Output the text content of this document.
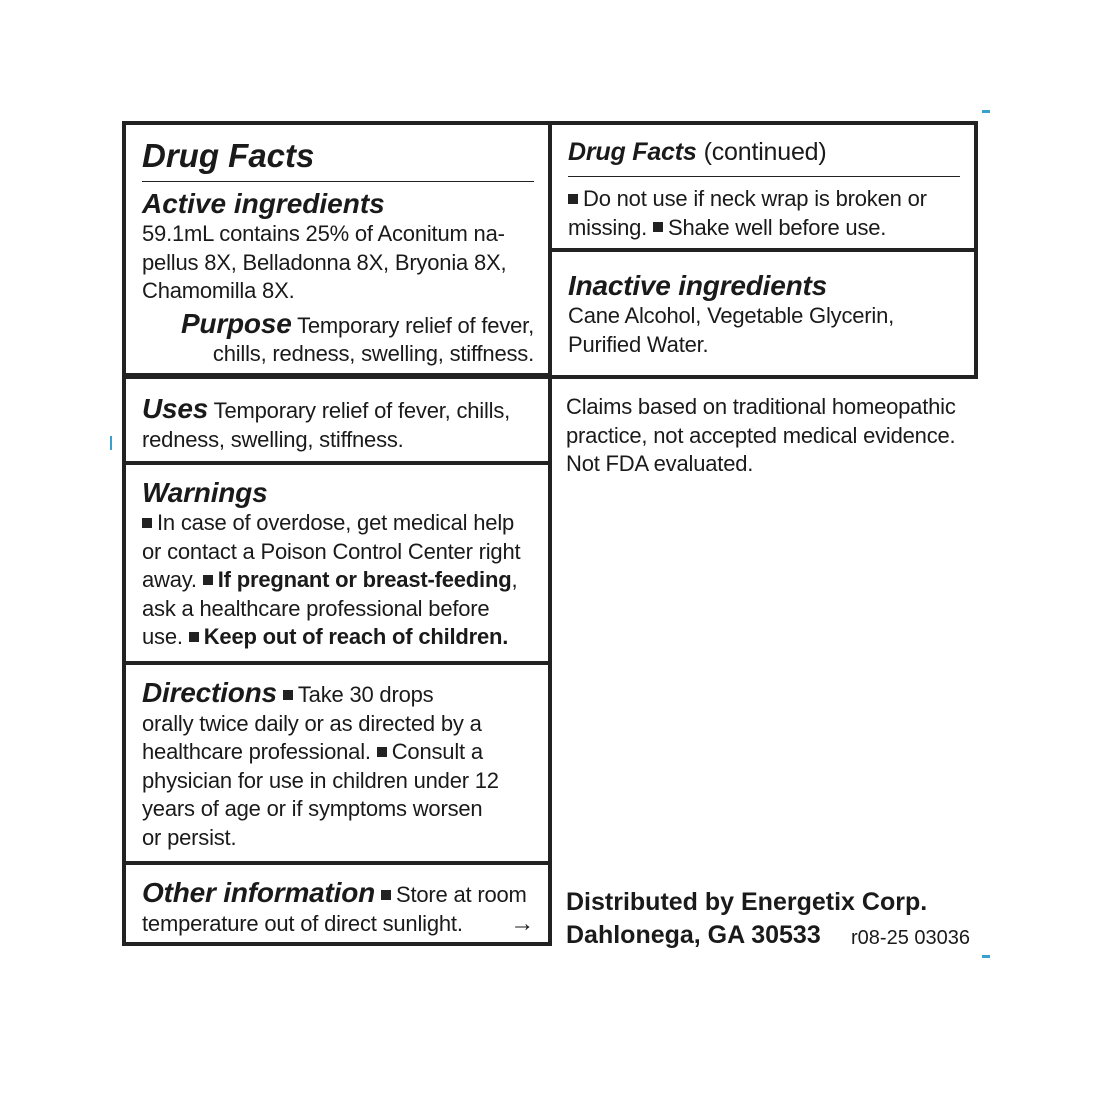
Drug Facts
Active ingredients

59.1mL contains 25% of Aconitum na-

pellus 8X, Belladonna 8X, Bryonia 8X,

Chamomilla 8X.

Purpose Temporary relief of fever,

chills, redness, swelling, stiffness.

Uses Temporary relief of fever, chills,

redness, swelling, stiffness.

Warnings

In case of overdose, get medical help

or contact a Poison Control Center right

away. If pregnant or breast-feeding,

ask a healthcare professional before

use. Keep out of reach of children.

Directions Take 30 drops

orally twice daily or as directed by a

healthcare professional. Consult a

physician for use in children under 12

years of age or if symptoms worsen

or persist.

Other information Store at room

temperature out of direct sunlight. →

Drug Facts (continued)

Do not use if neck wrap is broken or

missing. Shake well before use.

Inactive ingredients

Cane Alcohol, Vegetable Glycerin,

Purified Water.

Claims based on traditional homeopathic

practice, not accepted medical evidence.

Not FDA evaluated.

Distributed by Energetix Corp.

Dahlonega, GA 30533 r08-25 03036
